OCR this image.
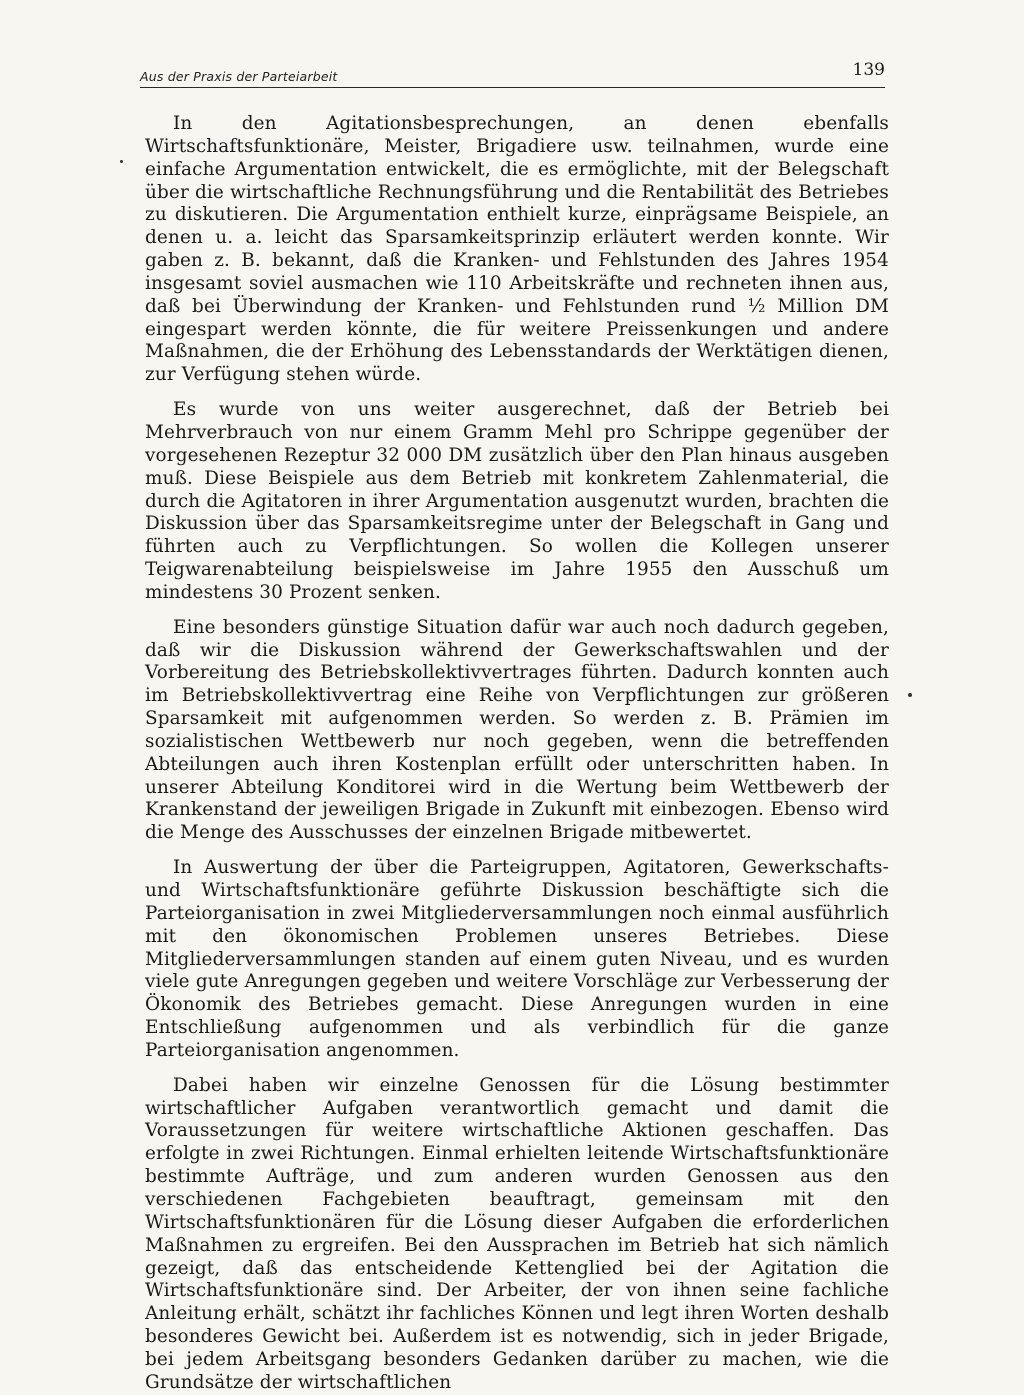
Aus der Praxis der Parteiarbeit	139

In den Agitationsbesprechungen, an denen ebenfalls Wirtschaftsfunktionäre, Meister, Brigadiere usw. teilnahmen, wurde eine einfache Argumentation entwickelt, die es ermöglichte, mit der Belegschaft über die wirtschaftliche Rechnungsführung und die Rentabilität des Betriebes zu diskutieren. Die Argumentation enthielt kurze, einprägsame Beispiele, an denen u. a. leicht das Sparsamkeitsprinzip erläutert werden konnte. Wir gaben z. B. bekannt, daß die Kranken- und Fehlstunden des Jahres 1954 insgesamt soviel ausmachen wie 110 Arbeitskräfte und rechneten ihnen aus, daß bei Überwindung der Kranken- und Fehlstunden rund ½ Million DM eingespart werden könnte, die für weitere Preissenkungen und andere Maßnahmen, die der Erhöhung des Lebensstandards der Werktätigen dienen, zur Verfügung stehen würde.

Es wurde von uns weiter ausgerechnet, daß der Betrieb bei Mehrverbrauch von nur einem Gramm Mehl pro Schrippe gegenüber der vorgesehenen Rezeptur 32 000 DM zusätzlich über den Plan hinaus ausgeben muß. Diese Beispiele aus dem Betrieb mit konkretem Zahlenmaterial, die durch die Agitatoren in ihrer Argumentation ausgenutzt wurden, brachten die Diskussion über das Sparsamkeitsregime unter der Belegschaft in Gang und führten auch zu Verpflichtungen. So wollen die Kollegen unserer Teigwarenabteilung beispielsweise im Jahre 1955 den Ausschuß um mindestens 30 Prozent senken.

Eine besonders günstige Situation dafür war auch noch dadurch gegeben, daß wir die Diskussion während der Gewerkschaftswahlen und der Vorbereitung des Betriebskollektivvertrages führten. Dadurch konnten auch im Betriebskollektivvertrag eine Reihe von Verpflichtungen zur größeren Sparsamkeit mit aufgenommen werden. So werden z. B. Prämien im sozialistischen Wettbewerb nur noch gegeben, wenn die betreffenden Abteilungen auch ihren Kostenplan erfüllt oder unterschritten haben. In unserer Abteilung Konditorei wird in die Wertung beim Wettbewerb der Krankenstand der jeweiligen Brigade in Zukunft mit einbezogen. Ebenso wird die Menge des Ausschusses der einzelnen Brigade mitbewertet.

In Auswertung der über die Parteigruppen, Agitatoren, Gewerkschafts- und Wirtschaftsfunktionäre geführte Diskussion beschäftigte sich die Parteiorganisation in zwei Mitgliederversammlungen noch einmal ausführlich mit den ökonomischen Problemen unseres Betriebes. Diese Mitgliederversammlungen standen auf einem guten Niveau, und es wurden viele gute Anregungen gegeben und weitere Vorschläge zur Verbesserung der Ökonomik des Betriebes gemacht. Diese Anregungen wurden in eine Entschließung aufgenommen und als verbindlich für die ganze Parteiorganisation angenommen.

Dabei haben wir einzelne Genossen für die Lösung bestimmter wirtschaftlicher Aufgaben verantwortlich gemacht und damit die Voraussetzungen für weitere wirtschaftliche Aktionen geschaffen. Das erfolgte in zwei Richtungen. Einmal erhielten leitende Wirtschaftsfunktionäre bestimmte Aufträge, und zum anderen wurden Genossen aus den verschiedenen Fachgebieten beauftragt, gemeinsam mit den Wirtschaftsfunktionären für die Lösung dieser Aufgaben die erforderlichen Maßnahmen zu ergreifen. Bei den Aussprachen im Betrieb hat sich nämlich gezeigt, daß das entscheidende Kettenglied bei der Agitation die Wirtschaftsfunktionäre sind. Der Arbeiter, der von ihnen seine fachliche Anleitung erhält, schätzt ihr fachliches Können und legt ihren Worten deshalb besonderes Gewicht bei. Außerdem ist es notwendig, sich in jeder Brigade, bei jedem Arbeitsgang besonders Gedanken darüber zu machen, wie die Grundsätze der wirtschaftlichen
